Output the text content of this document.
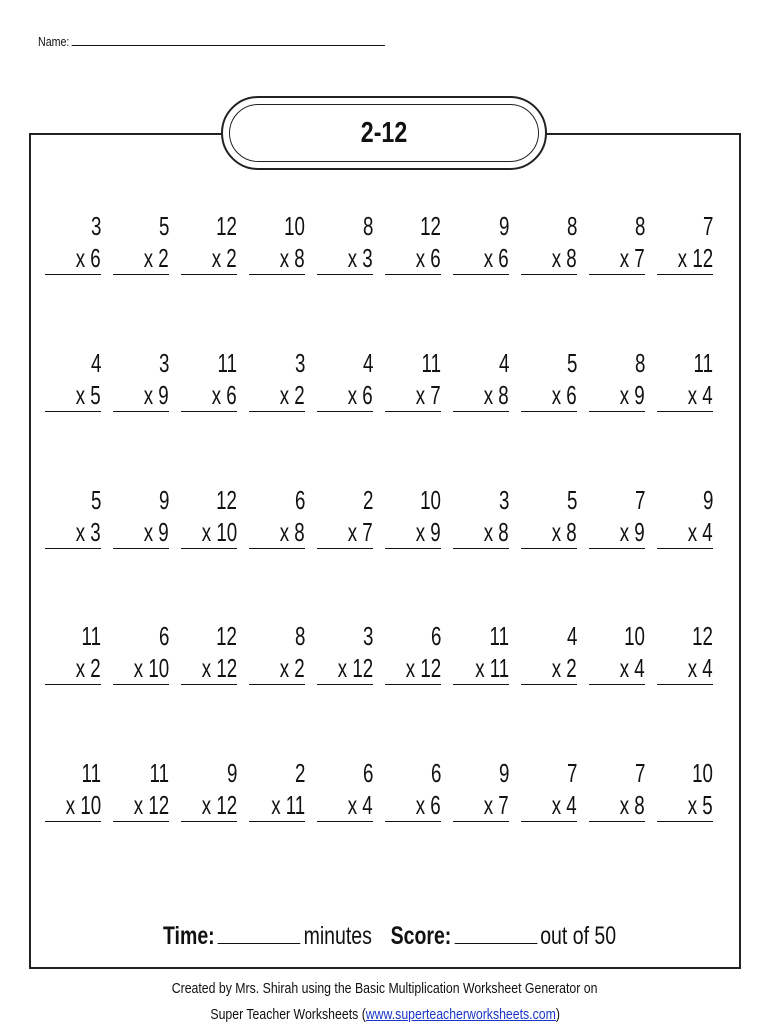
Name:
2-12
3
x 6
5
x 2
12
x 2
10
x 8
8
x 3
12
x 6
9
x 6
8
x 8
8
x 7
7
x 12
4
x 5
3
x 9
11
x 6
3
x 2
4
x 6
11
x 7
4
x 8
5
x 6
8
x 9
11
x 4
5
x 3
9
x 9
12
x 10
6
x 8
2
x 7
10
x 9
3
x 8
5
x 8
7
x 9
9
x 4
11
x 2
6
x 10
12
x 12
8
x 2
3
x 12
6
x 12
11
x 11
4
x 2
10
x 4
12
x 4
11
x 10
11
x 12
9
x 12
2
x 11
6
x 4
6
x 6
9
x 7
7
x 4
7
x 8
10
x 5
Time:	minutes Score:	out of 50
Created by Mrs. Shirah using the Basic Multiplication Worksheet Generator on
Super Teacher Worksheets (www.superteacherworksheets.com)
